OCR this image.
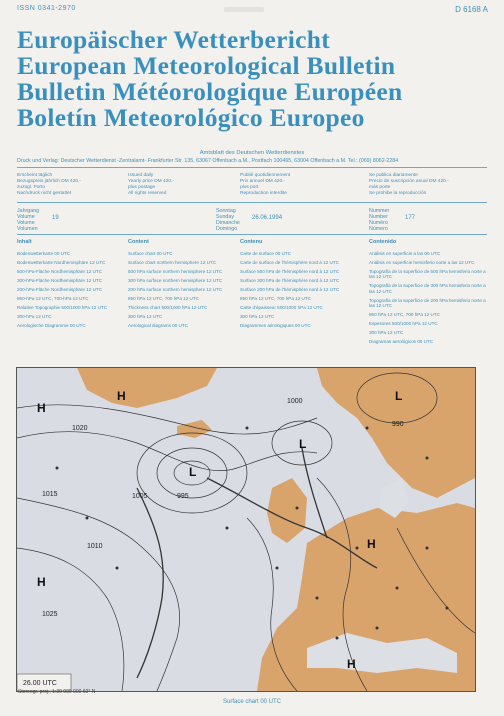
ISSN 0341-2970	D 6168 A
Europäischer Wetterbericht
European Meteorological Bulletin
Bulletin Météorologique Européen
Boletín Meteorológico Europeo
Amtsblatt des Deutschen Wetterdienstes
Druck und Verlag: Deutscher Wetterdienst -Zentralamt- Frankfurter Str. 135, 63067 Offenbach a.M., Postfach 100465, 63004 Offenbach a.M. Tel.: (069) 8062-2284
Erscheint täglich
Bezugspreis jährlich DM 420.-
zuzügl. Porto
Nachdruck nicht gestattet
Issued daily
Yearly price DM 420.-
plus postage
All rights reserved
Publié quotidiennement
Prix annuel DM 420.-
plus port
Reproduction interdite
Se publica diariamente
Precio de suscripción anual DM 420.-
más porte
Se prohibe la reproducción
Jahrgang
Volume
Volume
Volumen
19
Sonntag
Sunday
Dimanche
Domingo
26.06.1994
Nummer
Number
Numéro
Número
177
Inhalt
Bodenwetterkarte 00 UTC
Bodenwetterkarte Nordhemisphäre 12 UTC
500-hPa-Fläche Nordhemisphäre 12 UTC
300-hPa-Fläche Nordhemisphäre 12 UTC
200-hPa-Fläche Nordhemisphäre 12 UTC
850-hPa 12 UTC, 700-hPa 12 UTC
Relative Topographie 500/1000 hPa 12 UTC
300-hPa 12 UTC
Aerologische Diagramme 00 UTC
Content
Surface chart 00 UTC
Surface chart northern hemisphere 12 UTC
500 hPa surface northern hemisphere 12 UTC
300 hPa surface northern hemisphere 12 UTC
200 hPa surface northern hemisphere 12 UTC
850 hPa 12 UTC, 700 hPa 12 UTC
Thickness chart 500/1000 hPa 12 UTC
300 hPa 12 UTC
Aerological diagrams 00 UTC
Contenu
Carte de surface 00 UTC
Carte de surface de l'hémisphère nord à 12 UTC
Surface 500 hPa de l'hémisphère nord à 12 UTC
Surface 300 hPa de l'hémisphère nord à 12 UTC
Surface 200 hPa de l'hémisphère nord à 12 UTC
850 hPa 12 UTC, 700 hPa 12 UTC
Carte d'épaisseur 500/1000 hPa 12 UTC
300 hPa 12 UTC
Diagrammes aérologiques 00 UTC
Contenido
Análisis en superficie a las 00 UTC
Análisis en superficie hemisferio norte a las 12 UTC
Topografía de la superficie de 500 hPa hemisferio norte a las 12 UTC
Topografía de la superficie de 300 hPa hemisferio norte a las 12 UTC
Topografía de la superficie de 200 hPa hemisferio norte a las 12 UTC
850 hPa 12 UTC, 700 hPa 12 UTC
Espesores 500/1000 hPa 12 UTC
300 hPa 12 UTC
Diagramas aerológicos 00 UTC
1020
1015
1010
1005
1000
995
990
1025
H
L
H
H
L
H
H
L
26.00 UTC
Stereogr. proj., 1:30 000 000 60° N
Surface chart 00 UTC
